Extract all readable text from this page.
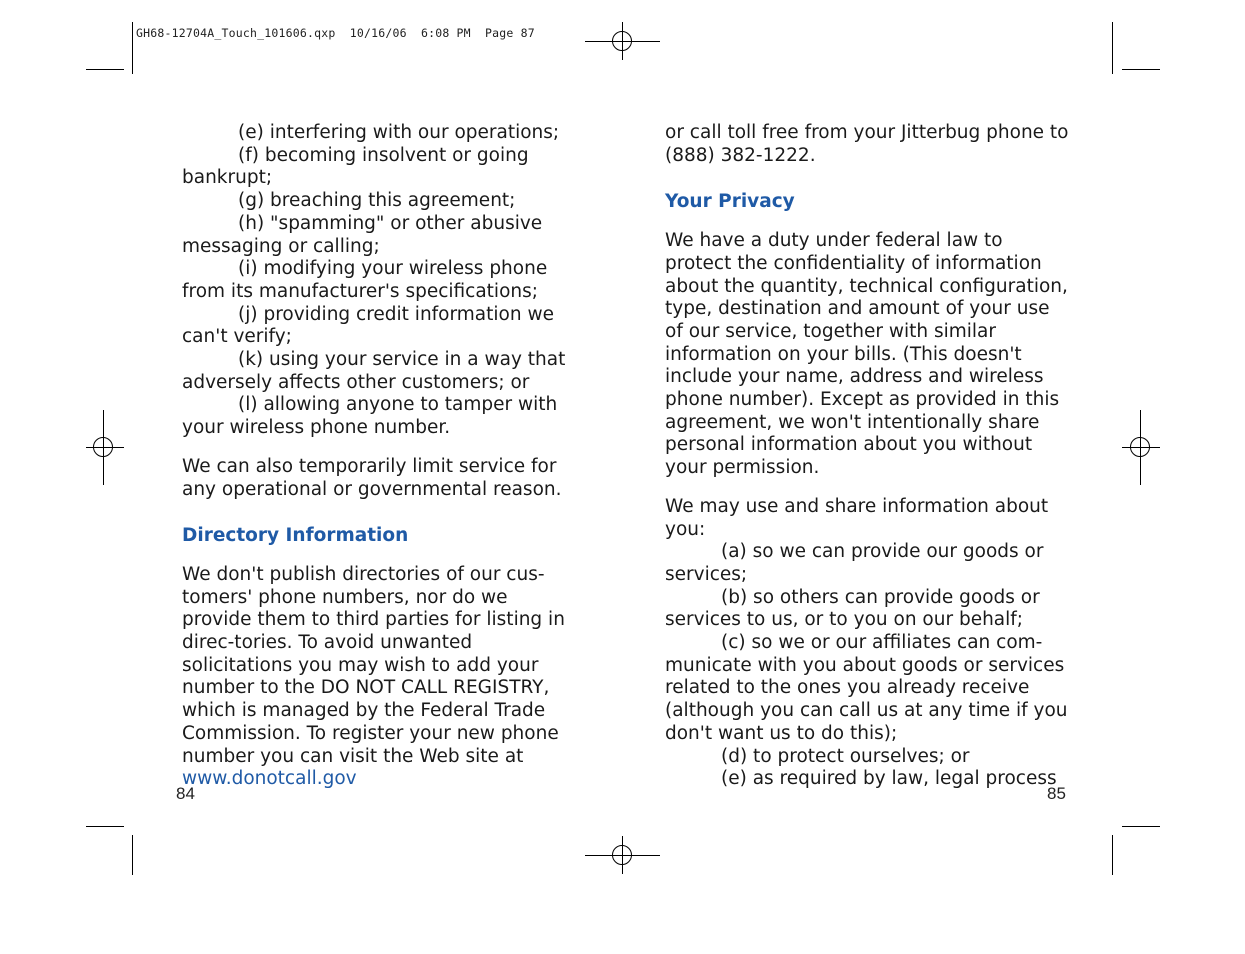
GH68-12704A_Touch_101606.qxp  10/16/06  6:08 PM  Page 87

(e) interfering with our operations;

(f) becoming insolvent or going bankrupt;

(g) breaching this agreement;

(h) "spamming" or other abusive messaging or calling;

(i) modifying your wireless phone from its manufacturer's specifications;

(j) providing credit information we can't verify;

(k) using your service in a way that adversely affects other customers; or

(l) allowing anyone to tamper with your wireless phone number.

We can also temporarily limit service for any operational or governmental reason.

Directory Information

We don't publish directories of our cus-tomers' phone numbers, nor do we provide them to third parties for listing in direc-tories. To avoid unwanted solicitations you may wish to add your number to the DO NOT CALL REGISTRY, which is managed by the Federal Trade Commission. To register your new phone number you can visit the Web site at www.donotcall.gov

or call toll free from your Jitterbug phone to (888) 382-1222.

Your Privacy

We have a duty under federal law to protect the confidentiality of information about the quantity, technical configuration, type, destination and amount of your use of our service, together with similar information on your bills. (This doesn't include your name, address and wireless phone number). Except as provided in this agreement, we won't intentionally share personal information about you without your permission.

We may use and share information about you:

(a) so we can provide our goods or services;

(b) so others can provide goods or services to us, or to you on our behalf;

(c) so we or our affiliates can com-municate with you about goods or services related to the ones you already receive (although you can call us at any time if you don't want us to do this);

(d) to protect ourselves; or

(e) as required by law, legal process

84	85
